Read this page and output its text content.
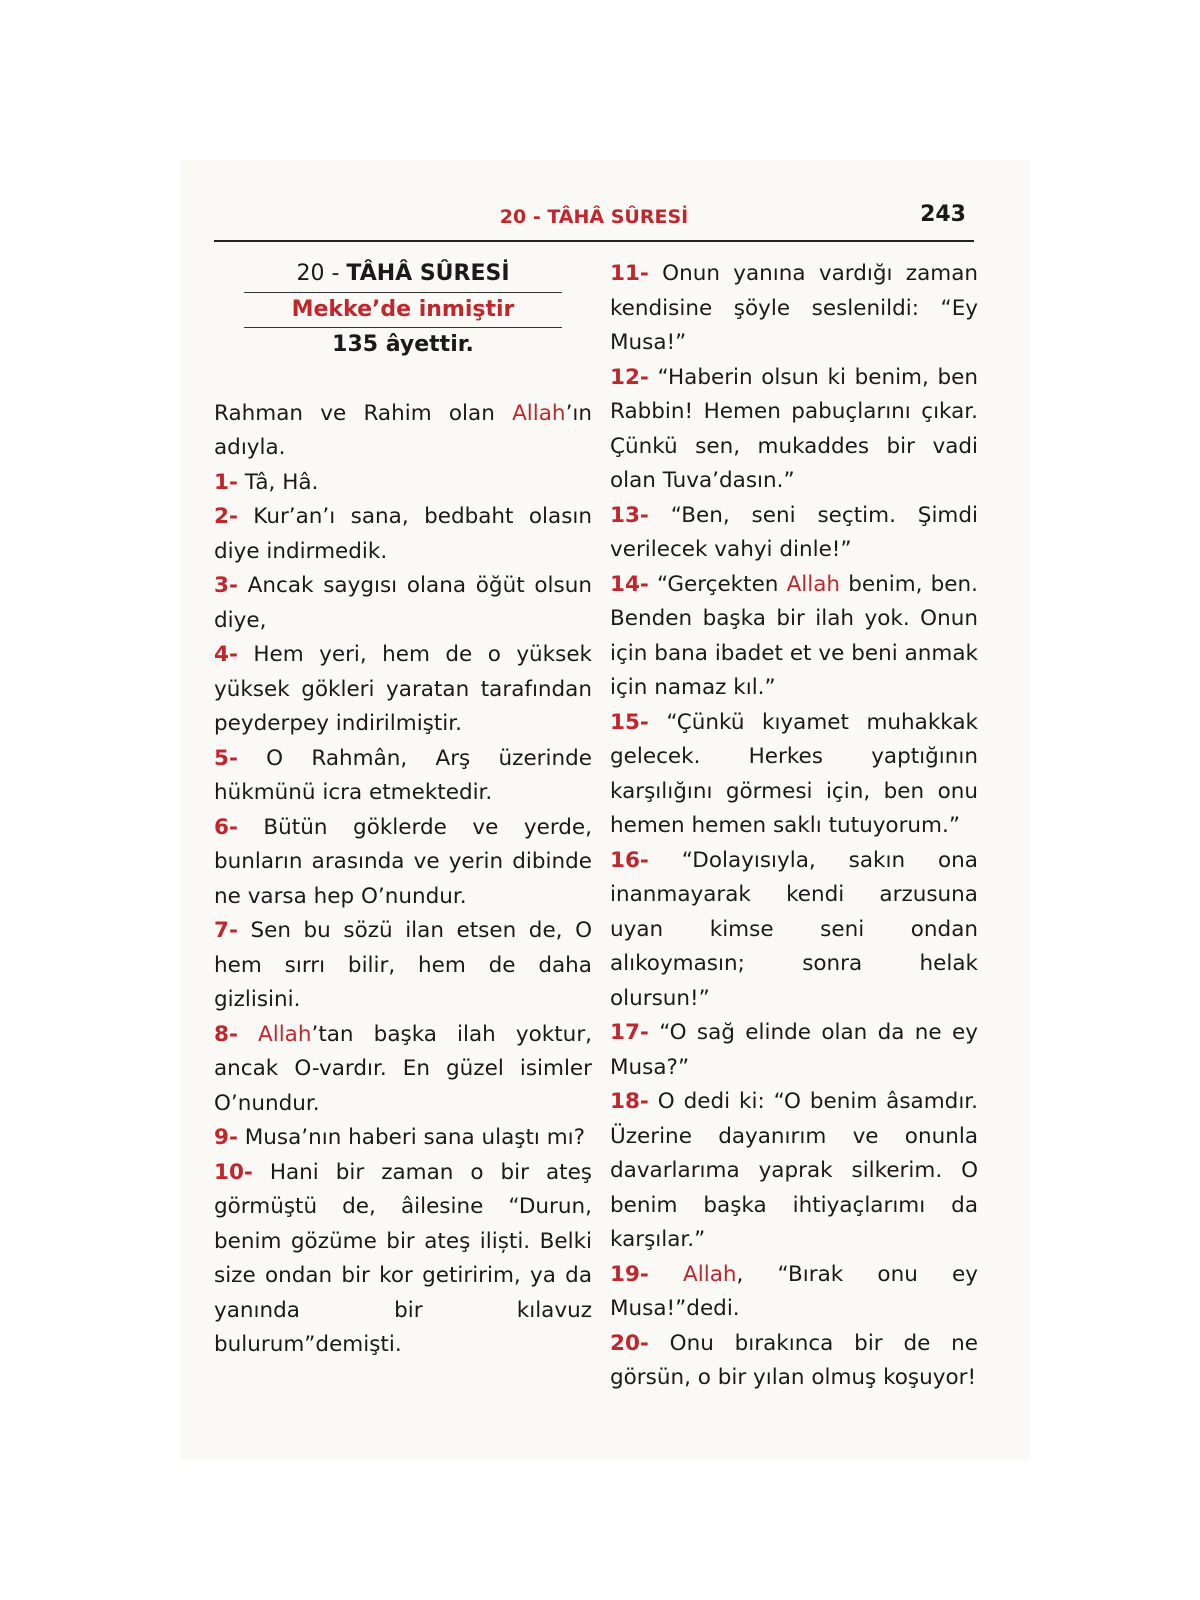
20 - TÂHÂ SÛRESİ	243
20 - TÂHÂ SÛRESİ
Mekke’de inmiştir
135 âyettir.

Rahman ve Rahim olan Allah’ın adıyla.

1- Tâ, Hâ.

2- Kur’an’ı sana, bedbaht olasın diye indirmedik.

3- Ancak saygısı olana öğüt olsun diye,

4- Hem yeri, hem de o yüksek yüksek gökleri yaratan tarafından peyderpey indirilmiştir.

5- O Rahmân, Arş üzerinde hükmünü icra etmektedir.

6- Bütün göklerde ve yerde, bunların arasında ve yerin dibinde ne varsa hep O’nundur.

7- Sen bu sözü ilan etsen de, O hem sırrı bilir, hem de daha gizlisini.

8- Allah’tan başka ilah yoktur, ancak O-vardır. En güzel isimler O’nundur.

9- Musa’nın haberi sana ulaştı mı?

10- Hani bir zaman o bir ateş görmüştü de, âilesine “Durun, benim gözüme bir ateş iliști. Belki size ondan bir kor getiririm, ya da yanında bir kılavuz bulurum”demişti.

11- Onun yanına vardığı zaman kendisine şöyle seslenildi: “Ey Musa!”

12- “Haberin olsun ki benim, ben Rabbin! Hemen pabuçlarını çıkar. Çünkü sen, mukaddes bir vadi olan Tuva’dasın.”

13- “Ben, seni seçtim. Şimdi verilecek vahyi dinle!”

14- “Gerçekten Allah benim, ben. Benden başka bir ilah yok. Onun için bana ibadet et ve beni anmak için namaz kıl.”

15- “Çünkü kıyamet muhakkak gelecek. Herkes yaptığının karşılığını görmesi için, ben onu hemen hemen saklı tutuyorum.”

16- “Dolayısıyla, sakın ona inanmayarak kendi arzusuna uyan kimse seni ondan alıkoymasın; sonra helak olursun!”

17- “O sağ elinde olan da ne ey Musa?”

18- O dedi ki: “O benim âsamdır. Üzerine dayanırım ve onunla davarlarıma yaprak silkerim. O benim başka ihtiyaçlarımı da karşılar.”

19- Allah, “Bırak onu ey Musa!”dedi.

20- Onu bırakınca bir de ne görsün, o bir yılan olmuş koşuyor!
